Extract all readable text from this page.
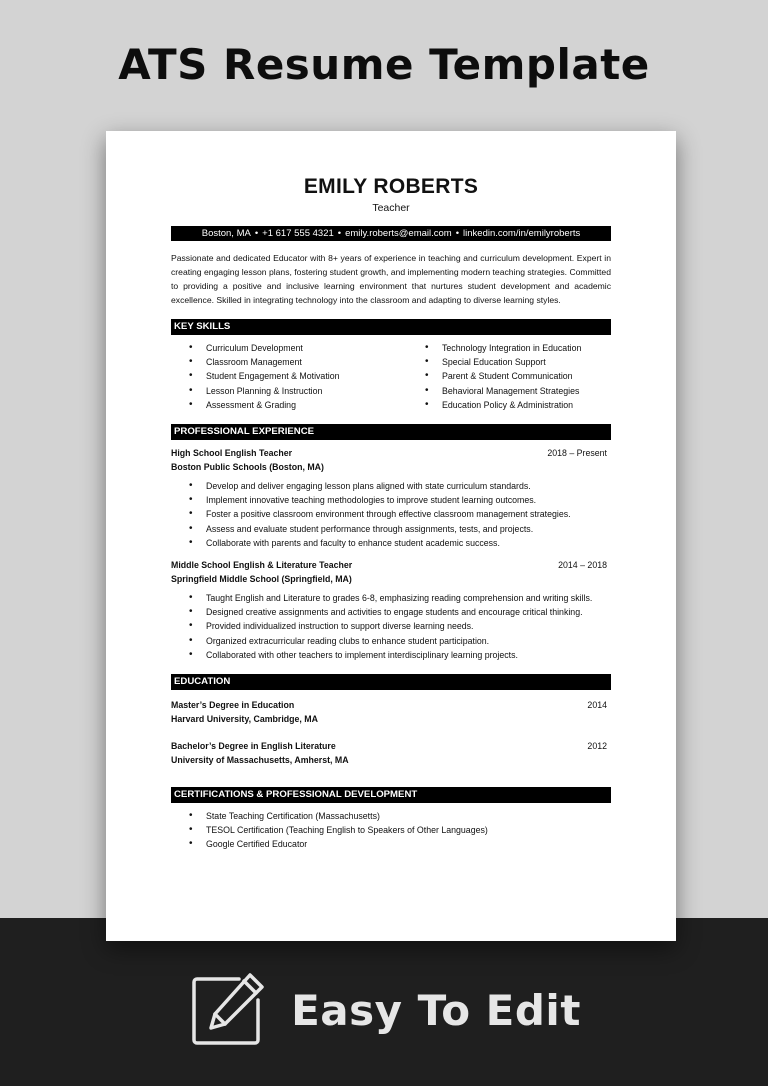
ATS Resume Template
EMILY ROBERTS
Teacher
Boston, MA • +1 617 555 4321 • emily.roberts@email.com • linkedin.com/in/emilyroberts

Passionate and dedicated Educator with 8+ years of experience in teaching and curriculum development. Expert in creating engaging lesson plans, fostering student growth, and implementing modern teaching strategies. Committed to providing a positive and inclusive learning environment that nurtures student development and academic excellence. Skilled in integrating technology into the classroom and adapting to diverse learning styles.

KEY SKILLS
• Curriculum Development
• Classroom Management
• Student Engagement & Motivation
• Lesson Planning & Instruction
• Assessment & Grading
• Technology Integration in Education
• Special Education Support
• Parent & Student Communication
• Behavioral Management Strategies
• Education Policy & Administration
PROFESSIONAL EXPERIENCE
High School English Teacher	2018 – Present
Boston Public Schools (Boston, MA)
• Develop and deliver engaging lesson plans aligned with state curriculum standards.
• Implement innovative teaching methodologies to improve student learning outcomes.
• Foster a positive classroom environment through effective classroom management strategies.
• Assess and evaluate student performance through assignments, tests, and projects.
• Collaborate with parents and faculty to enhance student academic success.
Middle School English & Literature Teacher	2014 – 2018
Springfield Middle School (Springfield, MA)
• Taught English and Literature to grades 6-8, emphasizing reading comprehension and writing skills.
• Designed creative assignments and activities to engage students and encourage critical thinking.
• Provided individualized instruction to support diverse learning needs.
• Organized extracurricular reading clubs to enhance student participation.
• Collaborated with other teachers to implement interdisciplinary learning projects.
EDUCATION
Master’s Degree in Education	2014
Harvard University, Cambridge, MA
Bachelor’s Degree in English Literature	2012
University of Massachusetts, Amherst, MA
CERTIFICATIONS & PROFESSIONAL DEVELOPMENT
• State Teaching Certification (Massachusetts)
• TESOL Certification (Teaching English to Speakers of Other Languages)
• Google Certified Educator
Easy To Edit
